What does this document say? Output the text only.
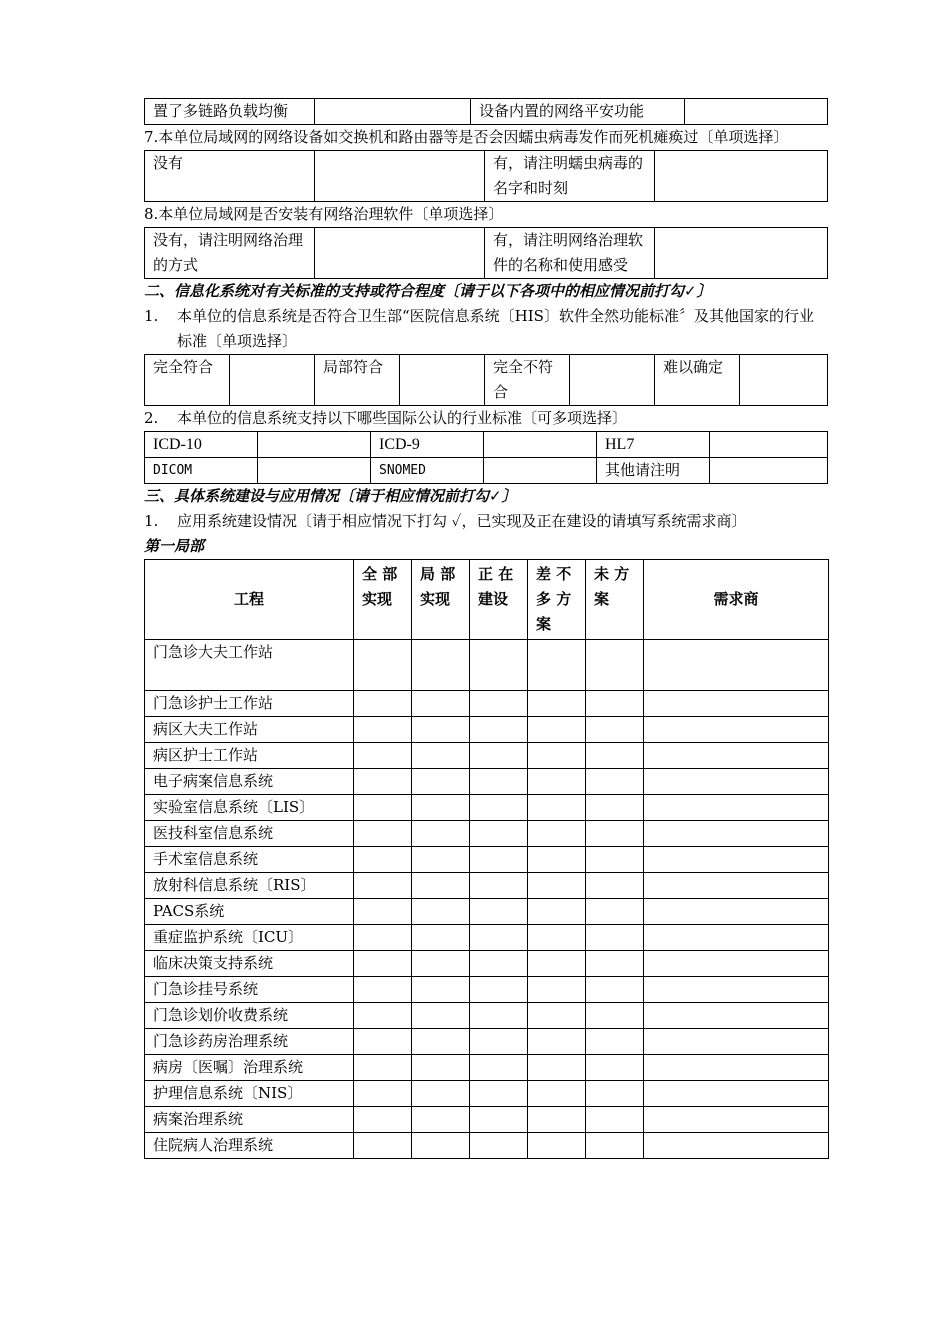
置了多链路负载均衡		设备内置的网络平安功能	

7.本单位局域网的网络设备如交换机和路由器等是否会因蠕虫病毒发作而死机瘫痪过〔单项选择〕

没有		有，请注明蠕虫病毒的名字和时刻	

8.本单位局域网是否安装有网络治理软件〔单项选择〕

没有，请注明网络治理的方式		有，请注明网络治理软件的名称和使用感受	

二、信息化系统对有关标准的支持或符合程度〔请于以下各项中的相应情况前打勾✓〕

1. 本单位的信息系统是否符合卫生部“医院信息系统〔HIS〕软件全然功能标准〞及其他国家的行业标准〔单项选择〕

完全符合		局部符合		完全不符合		难以确定	

2. 本单位的信息系统支持以下哪些国际公认的行业标准〔可多项选择〕

ICD-10		ICD-9		HL7	
DICOM		SNOMED		其他请注明	

三、具体系统建设与应用情况〔请于相应情况前打勾✓〕

1. 应用系统建设情况〔请于相应情况下打勾 ✓，已实现及正在建设的请填写系统需求商〕

第一局部

工程	全 部 实现	局 部 实现	正 在 建设	差 不 多 方 案	未 方 案	需求商
门急诊大夫工作站						
门急诊护士工作站						
病区大夫工作站						
病区护士工作站						
电子病案信息系统						
实验室信息系统〔LIS〕						
医技科室信息系统						
手术室信息系统						
放射科信息系统〔RIS〕						
PACS系统						
重症监护系统〔ICU〕						
临床决策支持系统						
门急诊挂号系统						
门急诊划价收费系统						
门急诊药房治理系统						
病房〔医嘱〕治理系统						
护理信息系统〔NIS〕						
病案治理系统						
住院病人治理系统						
